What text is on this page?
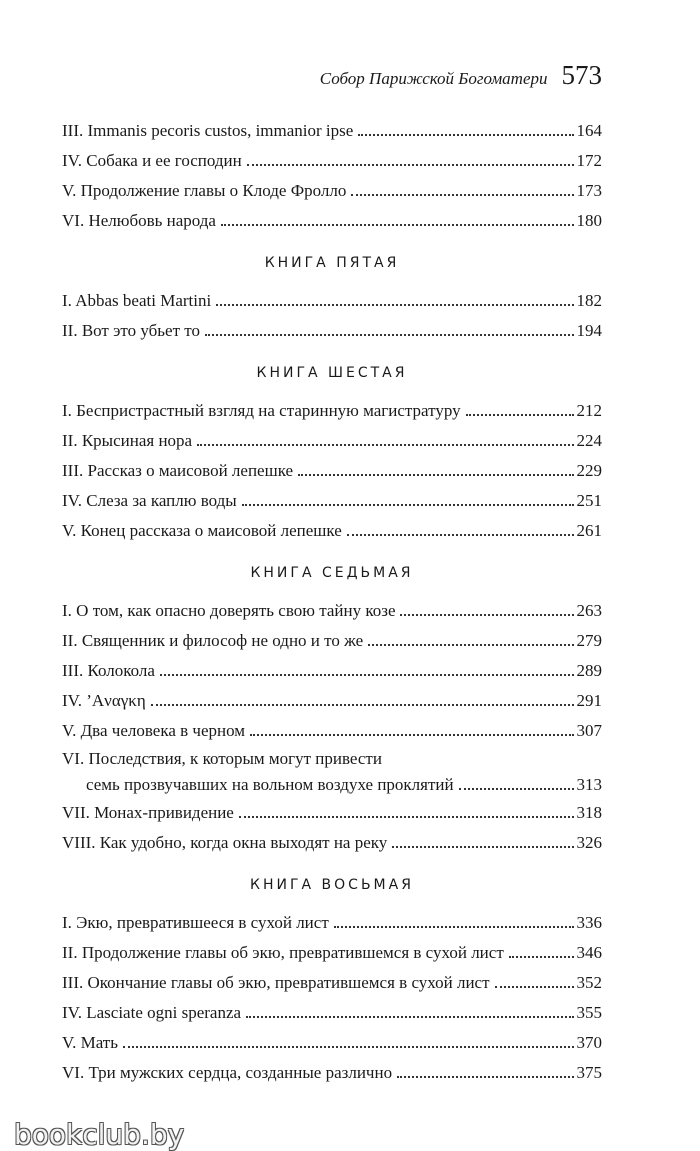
Собор Парижской Богоматери 573
III. Immanis pecoris custos, immanior ipse	164
IV. Собака и ее господин	172
V. Продолжение главы о Клоде Фролло	173
VI. Нелюбовь народа	180
КНИГА ПЯТАЯ
I. Abbas beati Martini	182
II. Вот это убьет то	194
КНИГА ШЕСТАЯ
I. Беспристрастный взгляд на старинную магистратуру	212
II. Крысиная нора	224
III. Рассказ о маисовой лепешке	229
IV. Слеза за каплю воды	251
V. Конец рассказа о маисовой лепешке	261
КНИГА СЕДЬМАЯ
I. О том, как опасно доверять свою тайну козе	263
II. Священник и философ не одно и то же	279
III. Колокола	289
IV. ’Aναγκη	291
V. Два человека в черном	307
VI. Последствия, к которым могут привести
семь прозвучавших на вольном воздухе проклятий	313
VII. Монах-привидение	318
VIII. Как удобно, когда окна выходят на реку	326
КНИГА ВОСЬМАЯ
I. Экю, превратившееся в сухой лист	336
II. Продолжение главы об экю, превратившемся в сухой лист	346
III. Окончание главы об экю, превратившемся в сухой лист	352
IV. Lasciate ogni speranza	355
V. Мать	370
VI. Три мужских сердца, созданные различно	375
bookclub.by
